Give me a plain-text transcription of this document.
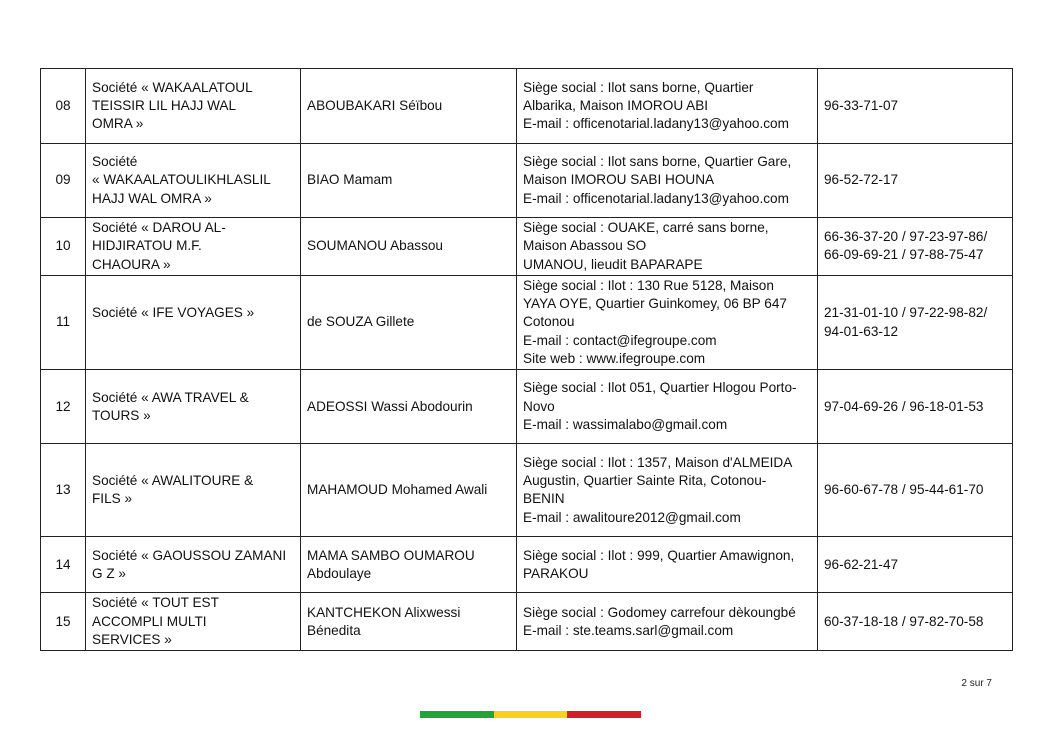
08	Société « WAKAALATOUL
TEISSIR LIL HAJJ WAL
OMRA »	ABOUBAKARI Séïbou	Siège social : Ilot sans borne, Quartier
Albarika, Maison IMOROU ABI
E-mail : officenotarial.ladany13@yahoo.com	96-33-71-07

09	Société
« WAKAALATOULIKHLASLIL
HAJJ WAL OMRA »	BIAO Mamam	Siège social : Ilot sans borne, Quartier Gare,
Maison IMOROU SABI HOUNA
E-mail : officenotarial.ladany13@yahoo.com	96-52-72-17

10	Société « DAROU AL-
HIDJIRATOU M.F.
CHAOURA »	SOUMANOU Abassou	Siège social : OUAKE, carré sans borne,
Maison Abassou SO
UMANOU, lieudit BAPARAPE	66-36-37-20 / 97-23-97-86/
66-09-69-21 / 97-88-75-47

11	Société « IFE VOYAGES »	de SOUZA Gillete	Siège social : Ilot : 130 Rue 5128, Maison
YAYA OYE, Quartier Guinkomey, 06 BP 647
Cotonou
E-mail : contact@ifegroupe.com
Site web : www.ifegroupe.com	21-31-01-10 / 97-22-98-82/
94-01-63-12

12	Société « AWA TRAVEL &
TOURS »	ADEOSSI Wassi Abodourin	Siège social : Ilot 051, Quartier Hlogou Porto-
Novo
E-mail : wassimalabo@gmail.com	97-04-69-26 / 96-18-01-53

13	Société « AWALITOURE &
FILS »	MAHAMOUD Mohamed Awali	Siège social : Ilot : 1357, Maison d'ALMEIDA
Augustin, Quartier Sainte Rita, Cotonou-
BENIN
E-mail : awalitoure2012@gmail.com	96-60-67-78 / 95-44-61-70

14	Société « GAOUSSOU ZAMANI
G Z »	MAMA SAMBO OUMAROU
Abdoulaye	Siège social : Ilot : 999, Quartier Amawignon,
PARAKOU	96-62-21-47

15	Société « TOUT EST
ACCOMPLI MULTI
SERVICES »	KANTCHEKON Alixwessi
Bénedita	Siège social : Godomey carrefour dèkoungbé
E-mail : ste.teams.sarl@gmail.com	60-37-18-18 / 97-82-70-58
2 sur 7
